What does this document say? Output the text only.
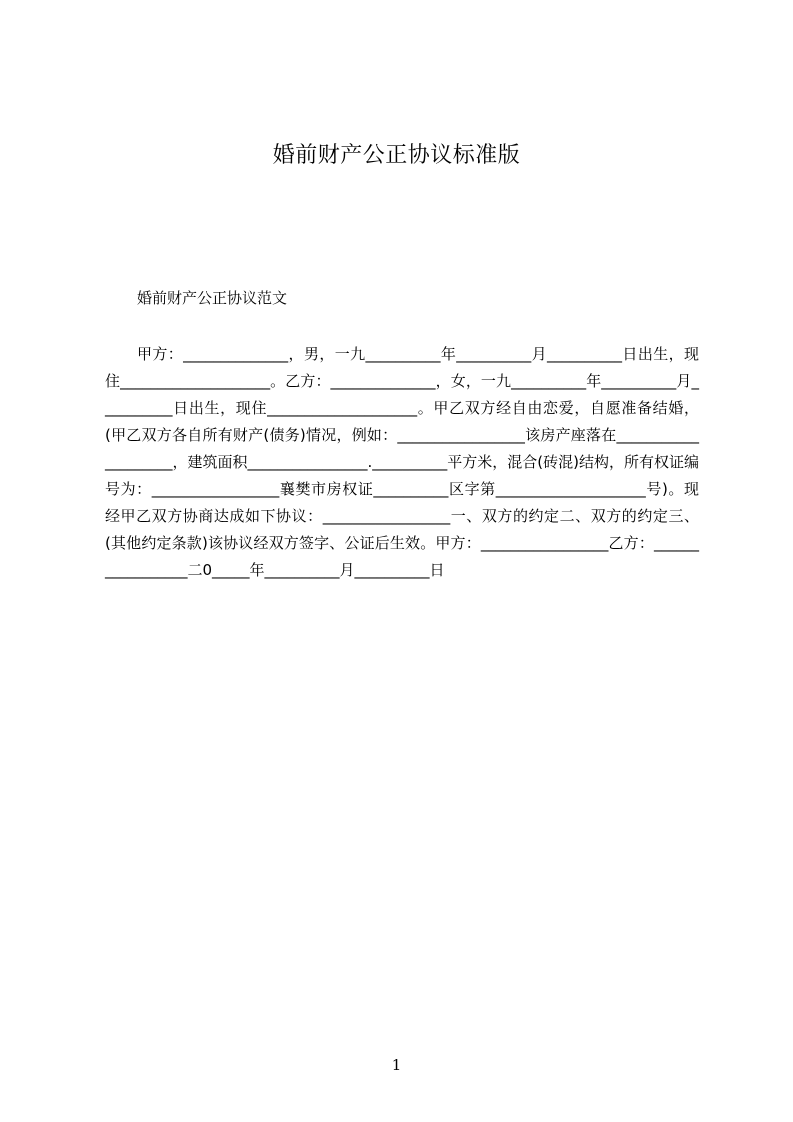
婚前财产公正协议标准版
婚前财产公正协议范文
甲方：______________，男，一九__________年__________月__________日出生，现住____________________。乙方：______________，女，一九__________年__________月__________日出生，现住____________________。甲乙双方经自由恋爱，自愿准备结婚，(甲乙双方各自所有财产(债务)情况，例如：_________________该房产座落在____________________，建筑面积________________.__________平方米，混合(砖混)结构，所有权证编号为：_________________襄樊市房权证__________区字第____________________号)。现经甲乙双方协商达成如下协议：_________________一、双方的约定二、双方的约定三、(其他约定条款)该协议经双方签字、公证后生效。甲方：_________________乙方：_________________二0_____年__________月__________日
1
